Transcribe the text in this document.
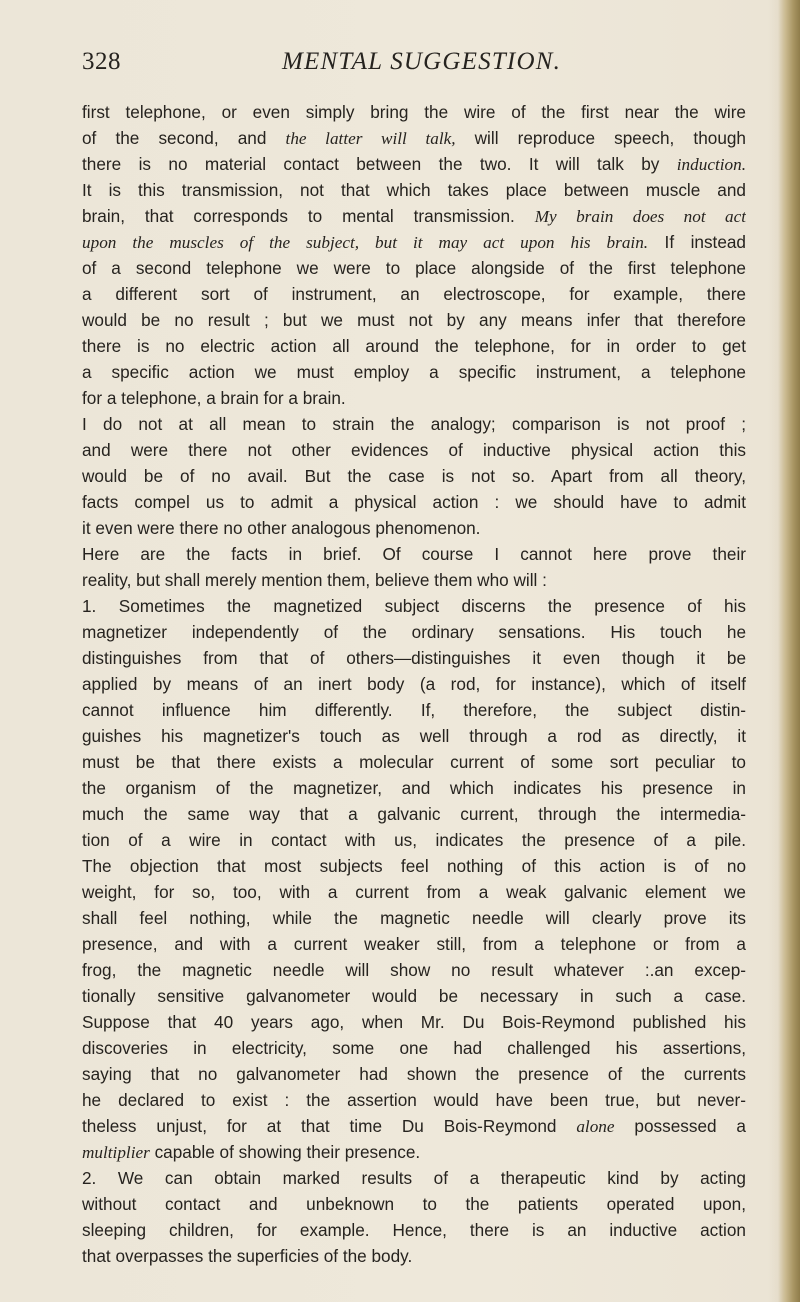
328	MENTAL SUGGESTION.
first telephone, or even simply bring the wire of the first near the wire
of the second, and the latter will talk, will reproduce speech, though
there is no material contact between the two. It will talk by induction.
It is this transmission, not that which takes place between muscle and
brain, that corresponds to mental transmission. My brain does not act
upon the muscles of the subject, but it may act upon his brain. If instead
of a second telephone we were to place alongside of the first telephone
a different sort of instrument, an electroscope, for example, there
would be no result ; but we must not by any means infer that therefore
there is no electric action all around the telephone, for in order to get
a specific action we must employ a specific instrument, a telephone
for a telephone, a brain for a brain.
I do not at all mean to strain the analogy; comparison is not proof ;
and were there not other evidences of inductive physical action this
would be of no avail. But the case is not so. Apart from all theory,
facts compel us to admit a physical action : we should have to admit
it even were there no other analogous phenomenon.
Here are the facts in brief. Of course I cannot here prove their
reality, but shall merely mention them, believe them who will :
1. Sometimes the magnetized subject discerns the presence of his
magnetizer independently of the ordinary sensations. His touch he
distinguishes from that of others—distinguishes it even though it be
applied by means of an inert body (a rod, for instance), which of itself
cannot influence him differently. If, therefore, the subject distin-
guishes his magnetizer's touch as well through a rod as directly, it
must be that there exists a molecular current of some sort peculiar to
the organism of the magnetizer, and which indicates his presence in
much the same way that a galvanic current, through the intermedia-
tion of a wire in contact with us, indicates the presence of a pile.
The objection that most subjects feel nothing of this action is of no
weight, for so, too, with a current from a weak galvanic element we
shall feel nothing, while the magnetic needle will clearly prove its
presence, and with a current weaker still, from a telephone or from a
frog, the magnetic needle will show no result whatever :.an excep-
tionally sensitive galvanometer would be necessary in such a case.
Suppose that 40 years ago, when Mr. Du Bois-Reymond published his
discoveries in electricity, some one had challenged his assertions,
saying that no galvanometer had shown the presence of the currents
he declared to exist : the assertion would have been true, but never-
theless unjust, for at that time Du Bois-Reymond alone possessed a
multiplier capable of showing their presence.
2. We can obtain marked results of a therapeutic kind by acting
without contact and unbeknown to the patients operated upon,
sleeping children, for example. Hence, there is an inductive action
that overpasses the superficies of the body.
